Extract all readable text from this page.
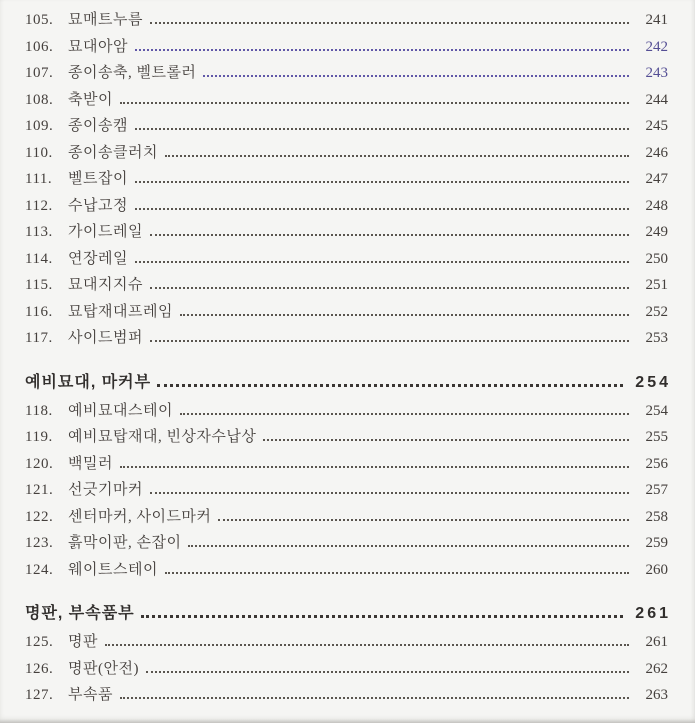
105. 묘매트누름	241
106. 묘대아암	242
107. 종이송축, 벨트롤러	243
108. 축받이	244
109. 종이송캠	245
110.	종이송클러치	246
111.	벨트잡이	247
112.	수납고정	248
113.	가이드레일	249
114.	연장레일	250
115.	묘대지지슈	251
116.	묘탑재대프레임	252
117.	사이드범퍼	253
예비묘대, 마커부	254
118.	예비묘대스테이	254
119.	예비묘탑재대, 빈상자수납상	255
120. 백밀러	256
121. 선긋기마커	257
122. 센터마커, 사이드마커	258
123. 흙막이판, 손잡이	259
124. 웨이트스테이	260
명판, 부속품부	261
125. 명판	261
126. 명판(안전)	262
127. 부속품	263
